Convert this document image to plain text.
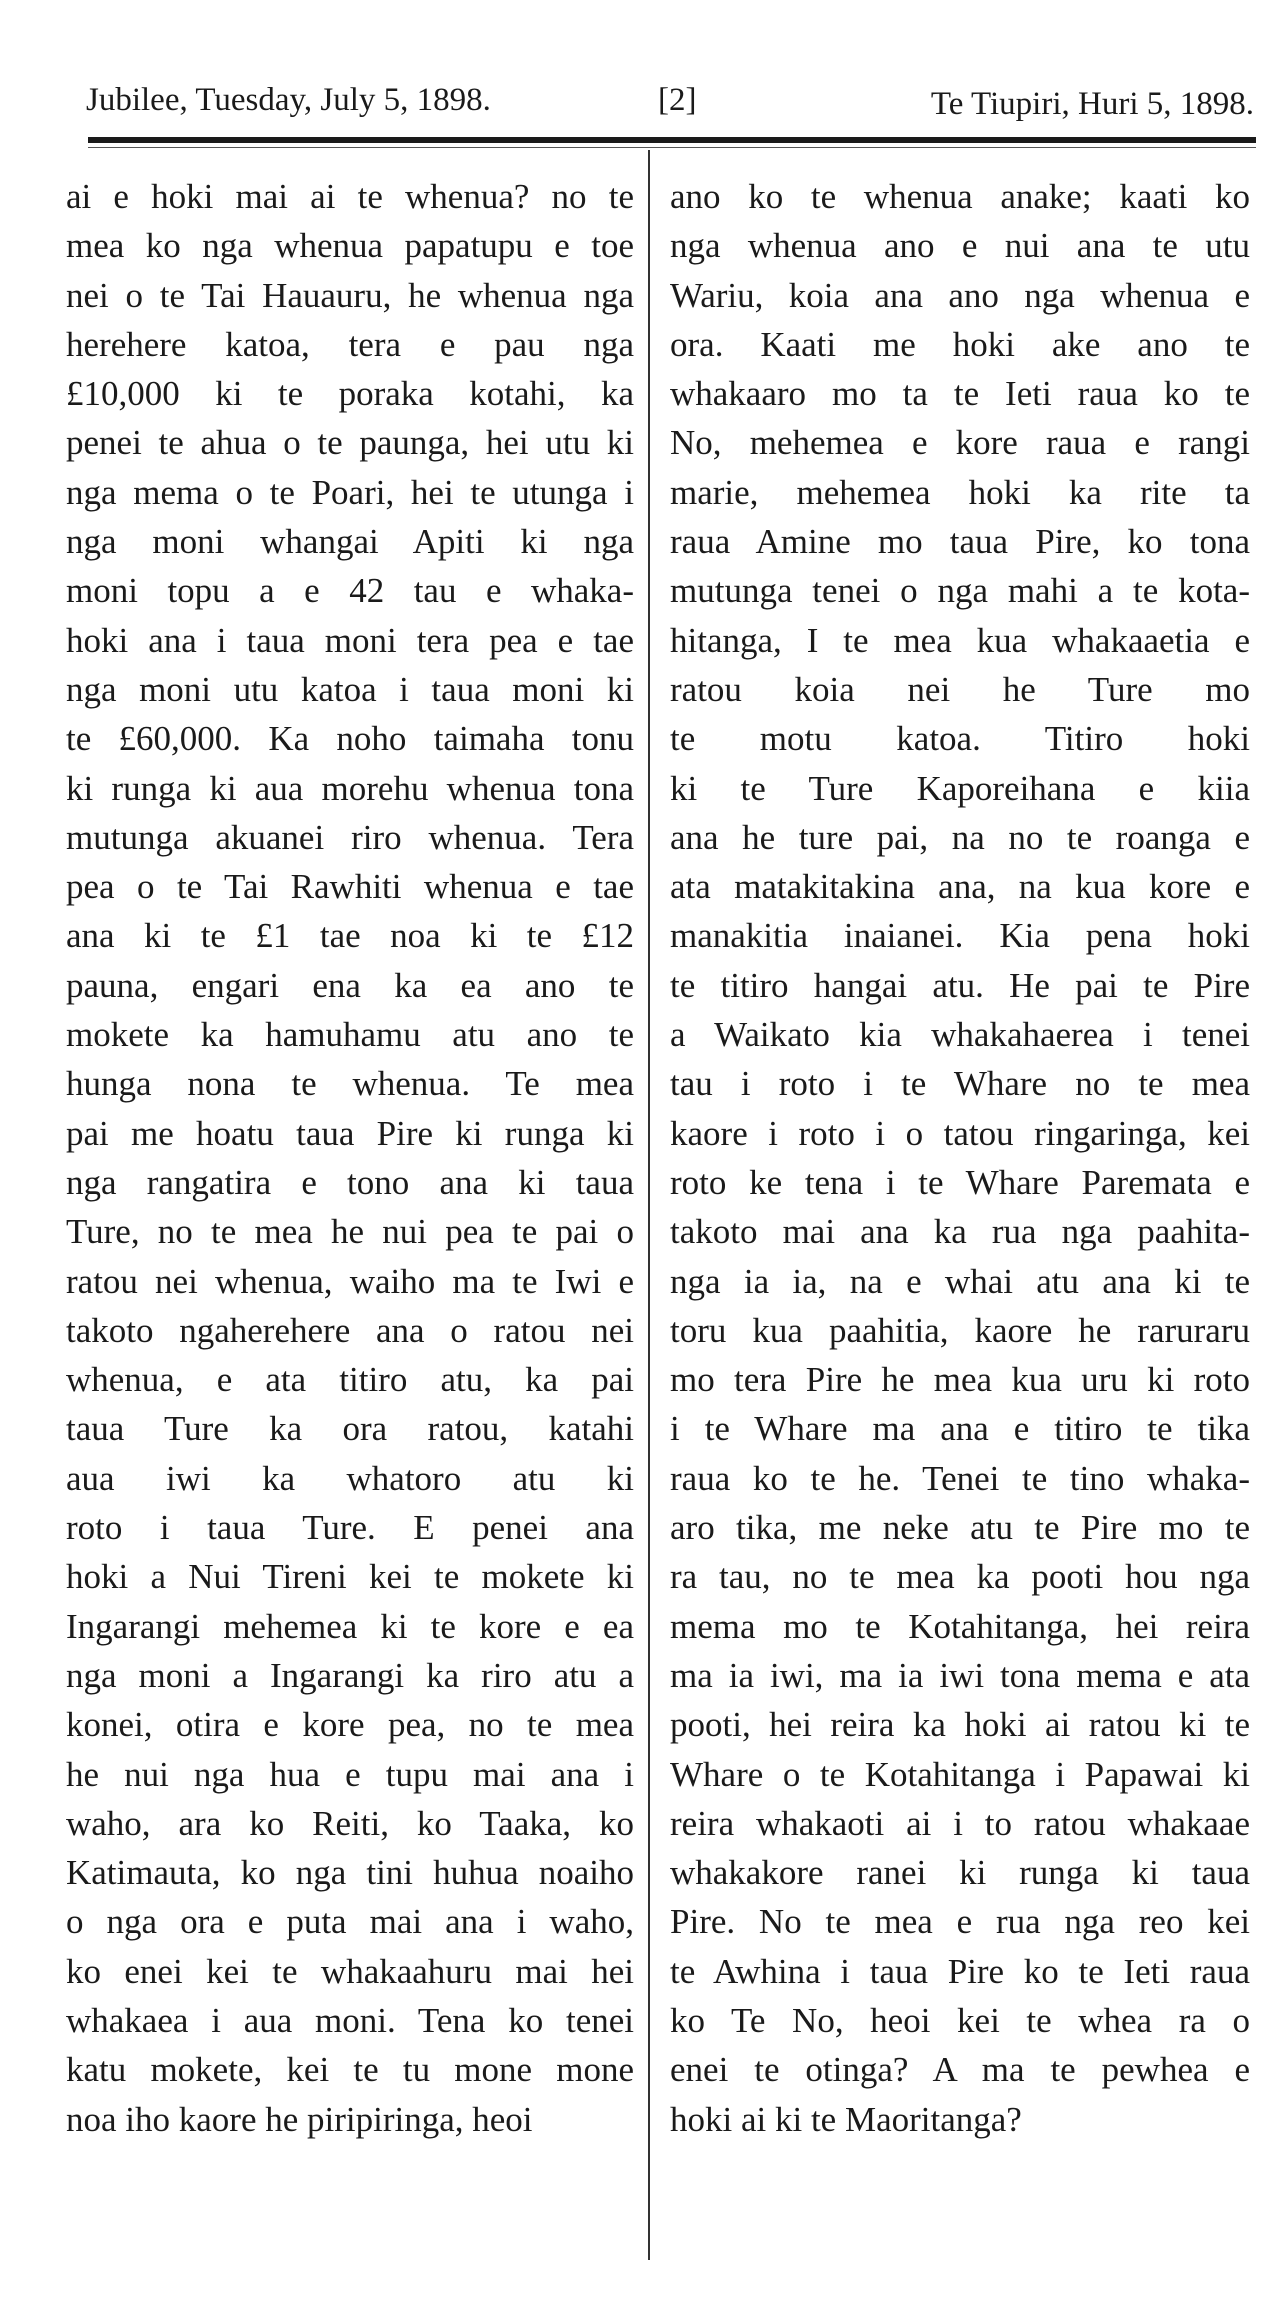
Jubilee, Tuesday, July 5, 1898.	[2]	Te Tiupiri, Huri 5, 1898.
ai e hoki mai ai te whenua? no te
mea ko nga whenua papatupu e toe
nei o te Tai Hauauru, he whenua nga
herehere katoa, tera e pau nga
£10,000 ki te poraka kotahi, ka
penei te ahua o te paunga, hei utu ki
nga mema o te Poari, hei te utunga i
nga moni whangai Apiti ki nga
moni topu a e 42 tau e whaka-
hoki ana i taua moni tera pea e tae
nga moni utu katoa i taua moni ki
te £60,000. Ka noho taimaha tonu
ki runga ki aua morehu whenua tona
mutunga akuanei riro whenua. Tera
pea o te Tai Rawhiti whenua e tae
ana ki te £1 tae noa ki te £12
pauna, engari ena ka ea ano te
mokete ka hamuhamu atu ano te
hunga nona te whenua. Te mea
pai me hoatu taua Pire ki runga ki
nga rangatira e tono ana ki taua
Ture, no te mea he nui pea te pai o
ratou nei whenua, waiho ma te Iwi e
takoto ngaherehere ana o ratou nei
whenua, e ata titiro atu, ka pai
taua Ture ka ora ratou, katahi
aua iwi ka whatoro atu ki
roto i taua Ture. E penei ana
hoki a Nui Tireni kei te mokete ki
Ingarangi mehemea ki te kore e ea
nga moni a Ingarangi ka riro atu a
konei, otira e kore pea, no te mea
he nui nga hua e tupu mai ana i
waho, ara ko Reiti, ko Taaka, ko
Katimauta, ko nga tini huhua noaiho
o nga ora e puta mai ana i waho,
ko enei kei te whakaahuru mai hei
whakaea i aua moni. Tena ko tenei
katu mokete, kei te tu mone mone
noa iho kaore he piripiringa, heoi
ano ko te whenua anake; kaati ko
nga whenua ano e nui ana te utu
Wariu, koia ana ano nga whenua e
ora. Kaati me hoki ake ano te
whakaaro mo ta te Ieti raua ko te
No, mehemea e kore raua e rangi
marie, mehemea hoki ka rite ta
raua Amine mo taua Pire, ko tona
mutunga tenei o nga mahi a te kota-
hitanga, I te mea kua whakaaetia e
ratou koia nei he Ture mo
te motu katoa. Titiro hoki
ki te Ture Kaporeihana e kiia
ana he ture pai, na no te roanga e
ata matakitakina ana, na kua kore e
manakitia inaianei. Kia pena hoki
te titiro hangai atu. He pai te Pire
a Waikato kia whakahaerea i tenei
tau i roto i te Whare no te mea
kaore i roto i o tatou ringaringa, kei
roto ke tena i te Whare Paremata e
takoto mai ana ka rua nga paahita-
nga ia ia, na e whai atu ana ki te
toru kua paahitia, kaore he raruraru
mo tera Pire he mea kua uru ki roto
i te Whare ma ana e titiro te tika
raua ko te he. Tenei te tino whaka-
aro tika, me neke atu te Pire mo te
ra tau, no te mea ka pooti hou nga
mema mo te Kotahitanga, hei reira
ma ia iwi, ma ia iwi tona mema e ata
pooti, hei reira ka hoki ai ratou ki te
Whare o te Kotahitanga i Papawai ki
reira whakaoti ai i to ratou whakaae
whakakore ranei ki runga ki taua
Pire. No te mea e rua nga reo kei
te Awhina i taua Pire ko te Ieti raua
ko Te No, heoi kei te whea ra o
enei te otinga? A ma te pewhea e
hoki ai ki te Maoritanga?
